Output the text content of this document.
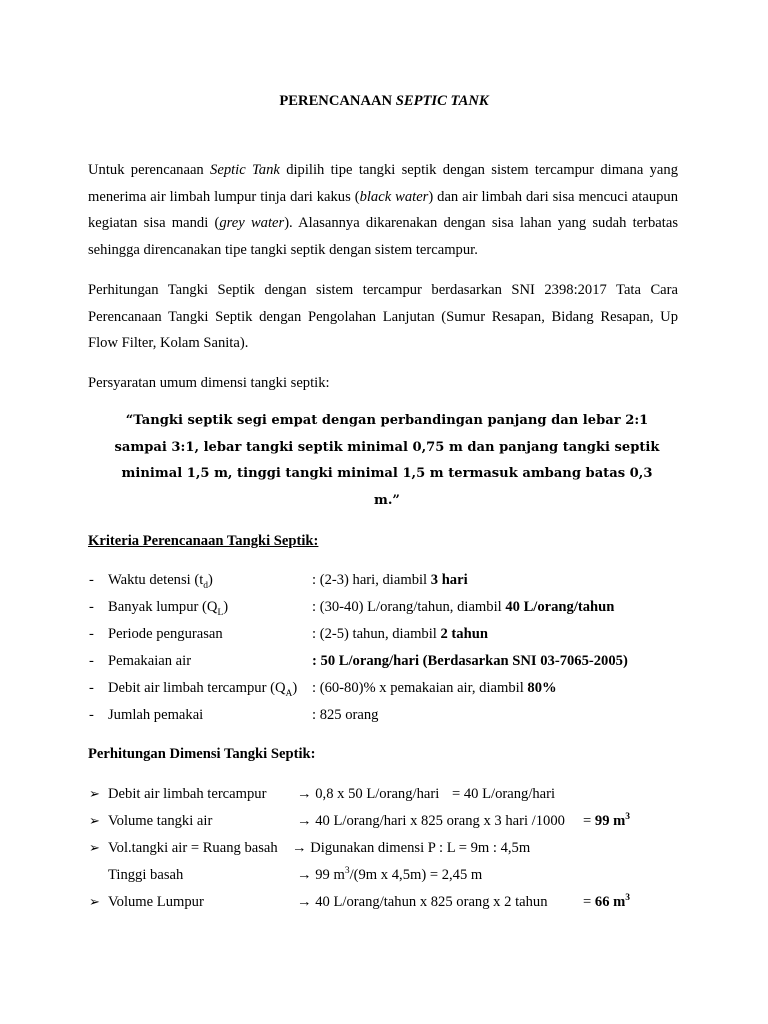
PERENCANAAN SEPTIC TANK

Untuk perencanaan Septic Tank dipilih tipe tangki septik dengan sistem tercampur dimana yang menerima air limbah lumpur tinja dari kakus (black water) dan air limbah dari sisa mencuci ataupun kegiatan sisa mandi (grey water). Alasannya dikarenakan dengan sisa lahan yang sudah terbatas sehingga direncanakan tipe tangki septik dengan sistem tercampur.

Perhitungan Tangki Septik dengan sistem tercampur berdasarkan SNI 2398:2017 Tata Cara Perencanaan Tangki Septik dengan Pengolahan Lanjutan (Sumur Resapan, Bidang Resapan, Up Flow Filter, Kolam Sanita).

Persyaratan umum dimensi tangki septik:

“Tangki septik segi empat dengan perbandingan panjang dan lebar 2:1 sampai 3:1, lebar tangki septik minimal 0,75 m dan panjang tangki septik minimal 1,5 m, tinggi tangki minimal 1,5 m termasuk ambang batas 0,3 m.”
Kriteria Perencanaan Tangki Septik:
- Waktu detensi $(t_d)$	: (2-3) hari, diambil 3 hari
- Banyak lumpur $(Q_L)$	: (30-40) L/orang/tahun, diambil 40 L/orang/tahun
- Periode pengurasan	: (2-5) tahun, diambil 2 tahun
- Pemakaian air	: 50 L/orang/hari (Berdasarkan SNI 03-7065-2005)
- Debit air limbah tercampur $(Q_A)$ : (60-80)% x pemakaian air, diambil 80%
- Jumlah pemakai	: 825 orang
Perhitungan Dimensi Tangki Septik:
➢ Debit air limbah tercampur → 0,8 x 50 L/orang/hari = 40 L/orang/hari
➢ Volume tangki air	→ 40 L/orang/hari x 825 orang x 3 hari /1000 = 99 $m^3$
➢ Vol.tangki air = Ruang basah → Digunakan dimensi P : L = 9m : 4,5m
Tinggi basah	→ 99 $m^3/(9m$ x 4,5m) = 2,45 m
➢ Volume Lumpur	→ 40 L/orang/tahun x 825 orang x 2 tahun = 66 $m^3$
